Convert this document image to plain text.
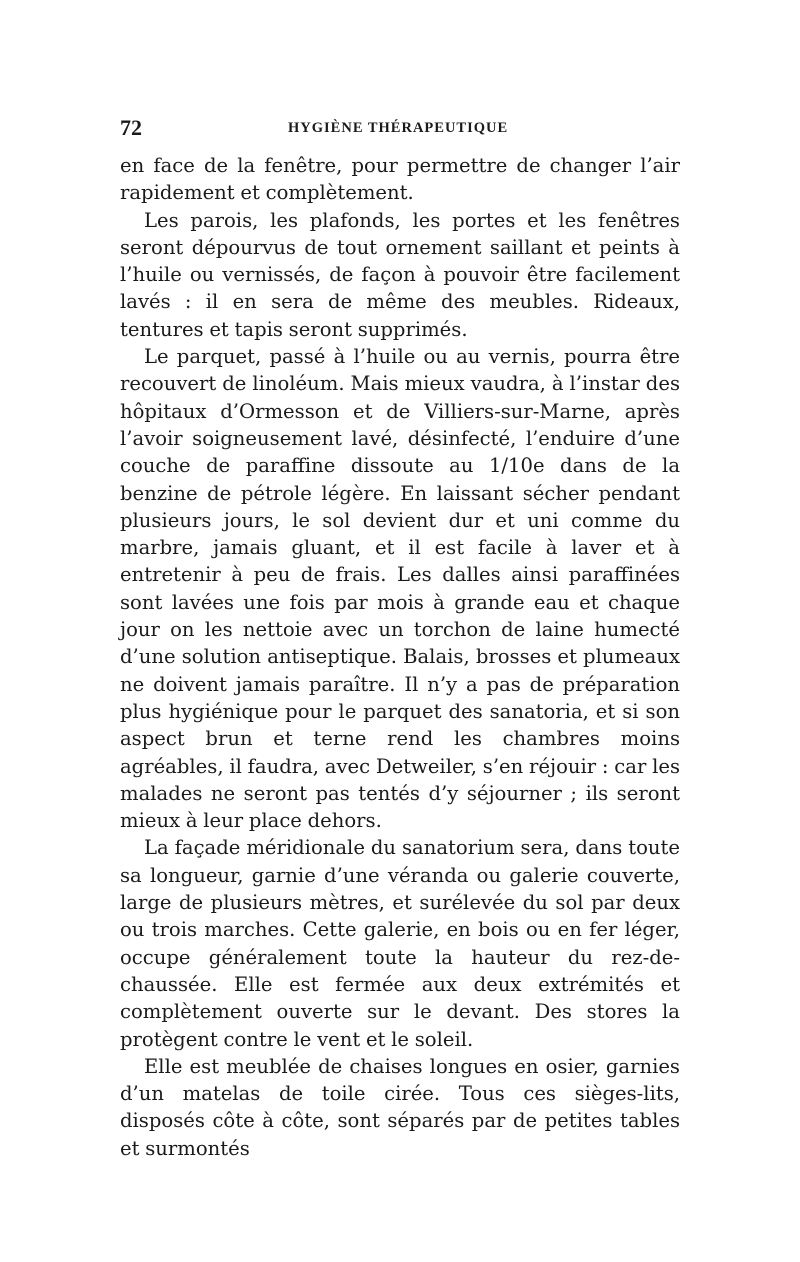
72	HYGIÈNE THÉRAPEUTIQUE

en face de la fenêtre, pour permettre de changer l’air rapidement et complètement.

Les parois, les plafonds, les portes et les fenêtres seront dépourvus de tout ornement saillant et peints à l’huile ou vernissés, de façon à pouvoir être facilement lavés : il en sera de même des meubles. Rideaux, tentures et tapis seront supprimés.

Le parquet, passé à l’huile ou au vernis, pourra être recouvert de linoléum. Mais mieux vaudra, à l’instar des hôpitaux d’Ormesson et de Villiers-sur-Marne, après l’avoir soigneusement lavé, désinfecté, l’enduire d’une couche de paraffine dissoute au 1/10e dans de la benzine de pétrole légère. En laissant sécher pendant plusieurs jours, le sol devient dur et uni comme du marbre, jamais gluant, et il est facile à laver et à entretenir à peu de frais. Les dalles ainsi paraffinées sont lavées une fois par mois à grande eau et chaque jour on les nettoie avec un torchon de laine humecté d’une solution antiseptique. Balais, brosses et plumeaux ne doivent jamais paraître. Il n’y a pas de préparation plus hygiénique pour le parquet des sanatoria, et si son aspect brun et terne rend les chambres moins agréables, il faudra, avec Detweiler, s’en réjouir : car les malades ne seront pas tentés d’y séjourner ; ils seront mieux à leur place dehors.

La façade méridionale du sanatorium sera, dans toute sa longueur, garnie d’une véranda ou galerie couverte, large de plusieurs mètres, et surélevée du sol par deux ou trois marches. Cette galerie, en bois ou en fer léger, occupe généralement toute la hauteur du rez-de-chaussée. Elle est fermée aux deux extrémités et complètement ouverte sur le devant. Des stores la protègent contre le vent et le soleil.

Elle est meublée de chaises longues en osier, garnies d’un matelas de toile cirée. Tous ces sièges-lits, disposés côte à côte, sont séparés par de petites tables et surmontés
